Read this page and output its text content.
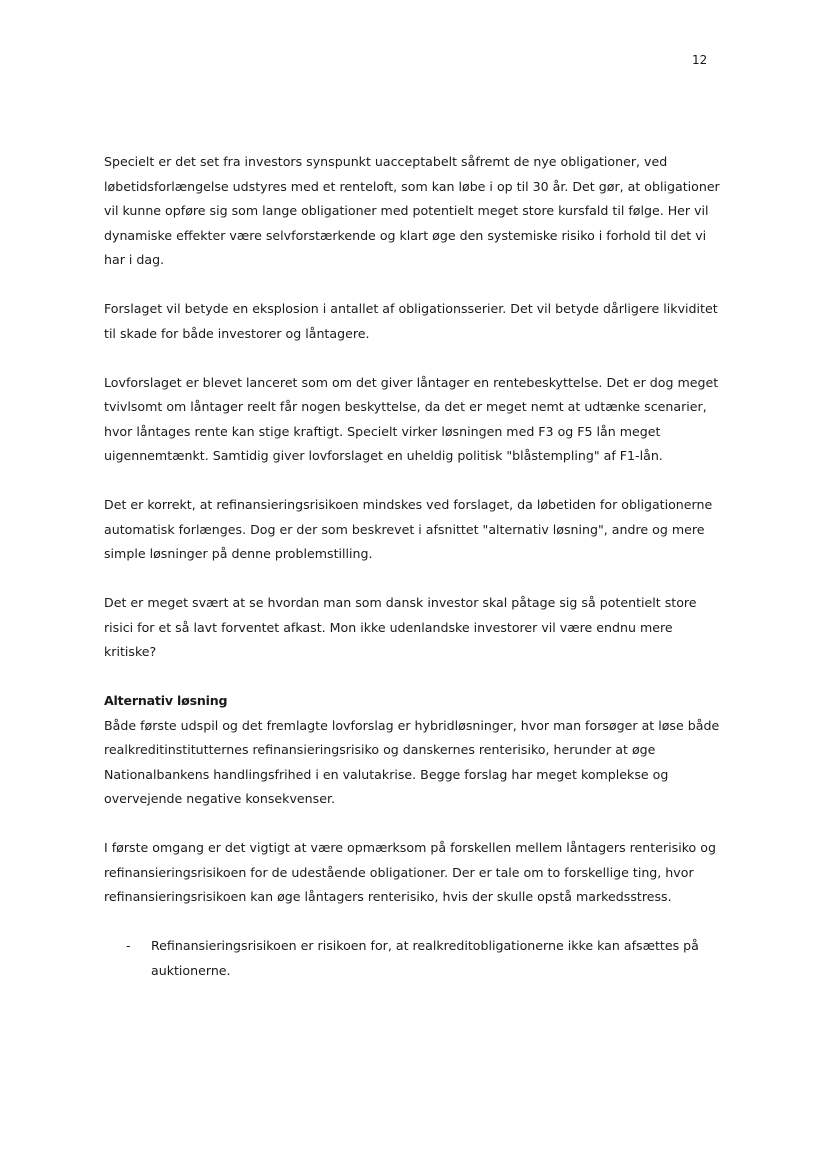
12

Specielt er det set fra investors synspunkt uacceptabelt såfremt de nye obligationer, ved løbetidsforlængelse udstyres med et renteloft, som kan løbe i op til 30 år. Det gør, at obligationer vil kunne opføre sig som lange obligationer med potentielt meget store kursfald til følge. Her vil dynamiske effekter være selvforstærkende og klart øge den systemiske risiko i forhold til det vi har i dag.

Forslaget vil betyde en eksplosion i antallet af obligationsserier. Det vil betyde dårligere likviditet til skade for både investorer og låntagere.

Lovforslaget er blevet lanceret som om det giver låntager en rentebeskyttelse. Det er dog meget tvivlsomt om låntager reelt får nogen beskyttelse, da det er meget nemt at udtænke scenarier, hvor låntages rente kan stige kraftigt. Specielt virker løsningen med F3 og F5 lån meget uigennemtænkt. Samtidig giver lovforslaget en uheldig politisk "blåstempling" af F1-lån.

Det er korrekt, at refinansieringsrisikoen mindskes ved forslaget, da løbetiden for obligationerne automatisk forlænges. Dog er der som beskrevet i afsnittet "alternativ løsning", andre og mere simple løsninger på denne problemstilling.

Det er meget svært at se hvordan man som dansk investor skal påtage sig så potentielt store risici for et så lavt forventet afkast. Mon ikke udenlandske investorer vil være endnu mere kritiske?

Alternativ løsning

Både første udspil og det fremlagte lovforslag er hybridløsninger, hvor man forsøger at løse både realkreditinstitutternes refinansieringsrisiko og danskernes renterisiko, herunder at øge Nationalbankens handlingsfrihed i en valutakrise. Begge forslag har meget komplekse og overvejende negative konsekvenser.

I første omgang er det vigtigt at være opmærksom på forskellen mellem låntagers renterisiko og refinansieringsrisikoen for de udestående obligationer. Der er tale om to forskellige ting, hvor refinansieringsrisikoen kan øge låntagers renterisiko, hvis der skulle opstå markedsstress.

- Refinansieringsrisikoen er risikoen for, at realkreditobligationerne ikke kan afsættes på auktionerne.
